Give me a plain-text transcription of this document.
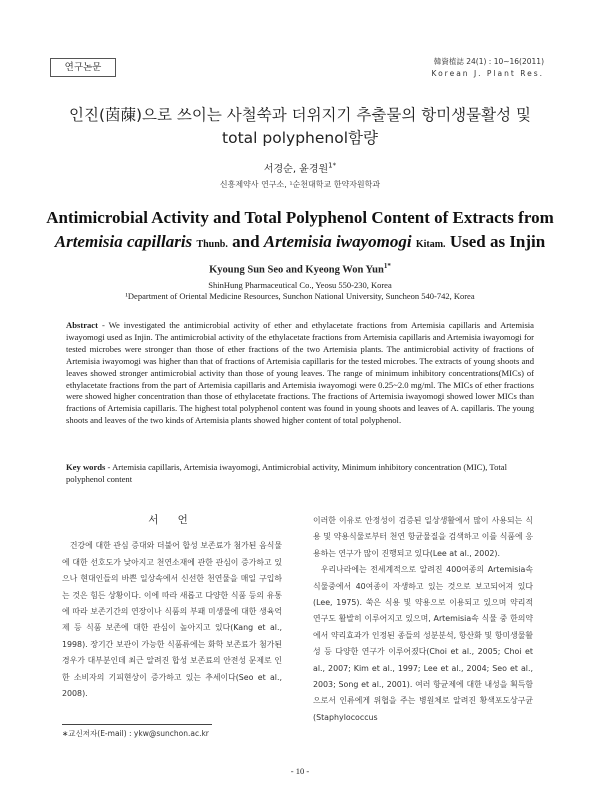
연구논문
韓資植誌 24(1) : 10~16(2011)
Korean J. Plant Res.
인진(茵蔯)으로 쓰이는 사철쑥과 더위지기 추출물의 항미생물활성 및
total polyphenol함량
서경순, 윤경원$^{1*}$
신흥제약사 연구소, ¹순천대학교 한약자원학과
Antimicrobial Activity and Total Polyphenol Content of Extracts from
Artemisia capillaris Thunb. and Artemisia iwayomogi Kitam. Used as Injin
Kyoung Sun Seo and Kyeong Won Yun$^{1*}$
ShinHung Pharmaceutical Co., Yeosu 550-230, Korea
¹Department of Oriental Medicine Resources, Sunchon National University, Suncheon 540-742, Korea
Abstract - We investigated the antimicrobial activity of ether and ethylacetate fractions from Artemisia capillaris and Artemisia iwayomogi used as Injin. The antimicrobial activity of the ethylacetate fractions from Artemisia capillaris and Artemisia iwayomogi for tested microbes were stronger than those of ether fractions of the two Artemisia plants. The antimicrobial activity of fractions of Artemisia iwayomogi was higher than that of fractions of Artemisia capillaris for the tested microbes. The extracts of young shoots and leaves showed stronger antimicrobial activity than those of young leaves. The range of minimum inhibitory concentrations(MICs) of ethylacetate fractions from the part of Artemisia capillaris and Artemisia iwayomogi were 0.25~2.0 mg/ml. The MICs of ether fractions were showed higher concentration than those of ethylacetate fractions. The fractions of Artemisia iwayomogi showed lower MICs than fractions of Artemisia capillaris. The highest total polyphenol content was found in young shoots and leaves of A. capillaris. The young shoots and leaves of the two kinds of Artemisia plants showed higher content of total polyphenol.
Key words - Artemisia capillaris, Artemisia iwayomogi, Antimicrobial activity, Minimum inhibitory concentration (MIC), Total polyphenol content
서 언

건강에 대한 관심 증대와 더불어 합성 보존료가 첨가된 음식물에 대한 선호도가 낮아지고 천연소재에 관한 관심이 증가하고 있으나 현대인들의 바쁜 일상속에서 신선한 천연물을 매일 구입하는 것은 힘든 상황이다. 이에 따라 새롭고 다양한 식품 등의 유통에 따라 보존기간의 연장이나 식품의 부패 미생물에 대한 생육억제 등 식품 보존에 대한 관심이 높아지고 있다(Kang et al., 1998). 장기간 보관이 가능한 식품류에는 화학 보존료가 첨가된 경우가 대부분인데 최근 알려진 합성 보존료의 안전성 문제로 인한 소비자의 기피현상이 증가하고 있는 추세이다(Seo et al., 2008).

이러한 이유로 안정성이 검증된 일상생활에서 많이 사용되는 식용 및 약용식물로부터 천연 항균물질을 검색하고 이를 식품에 응용하는 연구가 많이 진행되고 있다(Lee at al., 2002).

우리나라에는 전세계적으로 알려진 400여종의 Artemisia속 식물중에서 40여종이 자생하고 있는 것으로 보고되어져 있다(Lee, 1975). 쑥은 식용 및 약용으로 이용되고 있으며 약리적 연구도 활발히 이루어지고 있으며, Artemisia속 식물 중 한의약에서 약리효과가 인정된 종들의 성분분석, 항산화 및 항미생물활성 등 다양한 연구가 이루어졌다(Choi et al., 2005; Choi et al., 2007; Kim et al., 1997; Lee et al., 2004; Seo et al., 2003; Song et al., 2001). 여러 항균제에 대한 내성을 획득함으로서 인류에게 위협을 주는 병원체로 알려진 황색포도상구균(Staphylococcus

∗교신저자(E-mail) : ykw@sunchon.ac.kr
- 10 -
